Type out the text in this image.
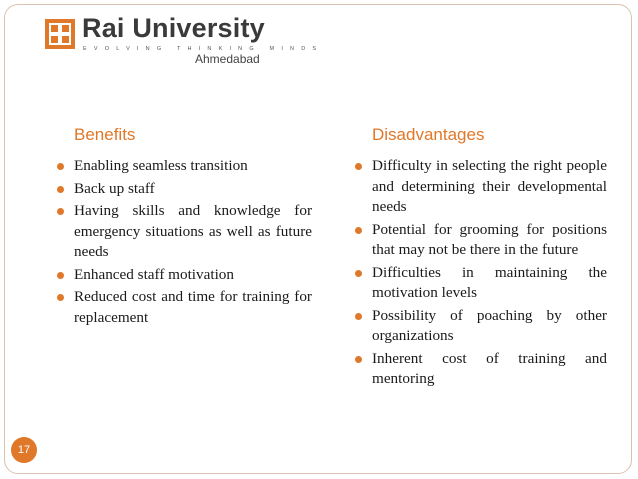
Rai University
EVOLVING THINKING MINDS
Ahmedabad
Benefits
Enabling seamless transition
Back up staff
Having skills and knowledge for emergency situations as well as future needs
Enhanced staff motivation
Reduced cost and time for training for replacement
Disadvantages
Difficulty in selecting the right people and determining their developmental needs
Potential for grooming for positions that may not be there in the future
Difficulties in maintaining the motivation levels
Possibility of poaching by other organizations
Inherent cost of training and mentoring
17
